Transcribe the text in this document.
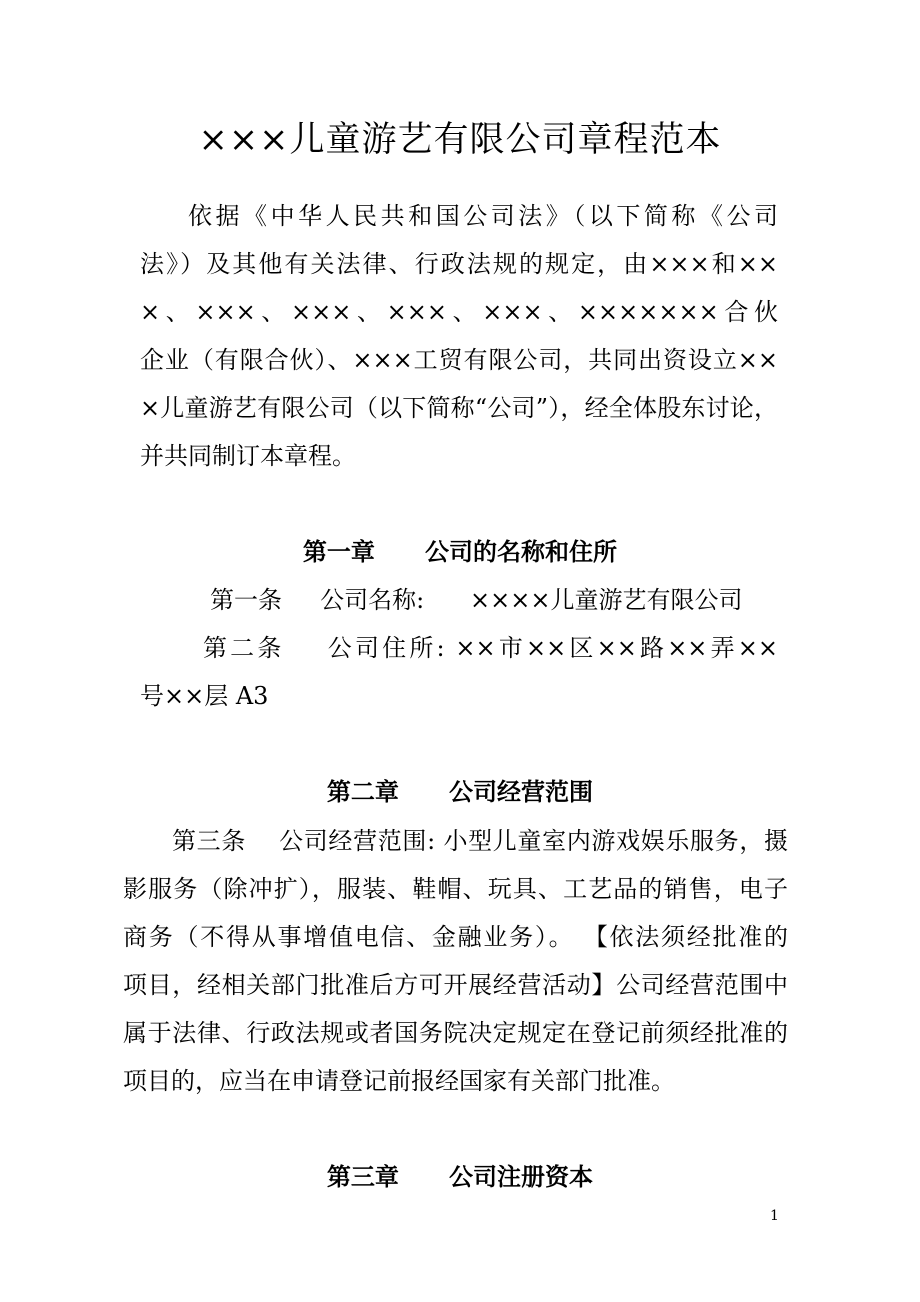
×××儿童游艺有限公司章程范本
依据《中华人民共和国公司法》（以下简称《公司
法》）及其他有关法律、行政法规的规定，由×××和××
×、×××、×××、×××、×××、×××××××合伙
企业（有限合伙）、×××工贸有限公司，共同出资设立××
×儿童游艺有限公司（以下简称“公司”），经全体股东讨论，
并共同制订本章程。
第一章      公司的名称和住所
第一条     公司名称:      ××××儿童游艺有限公司
第二条    公司住所: ××市××区××路××弄××
号××层 A3
第二章      公司经营范围
第三条    公司经营范围: 小型儿童室内游戏娱乐服务，摄
影服务（除冲扩），服装、鞋帽、玩具、工艺品的销售，电子
商务（不得从事增值电信、金融业务）。 【依法须经批准的
项目，经相关部门批准后方可开展经营活动】公司经营范围中
属于法律、行政法规或者国务院决定规定在登记前须经批准的
项目的，应当在申请登记前报经国家有关部门批准。
第三章      公司注册资本
1
